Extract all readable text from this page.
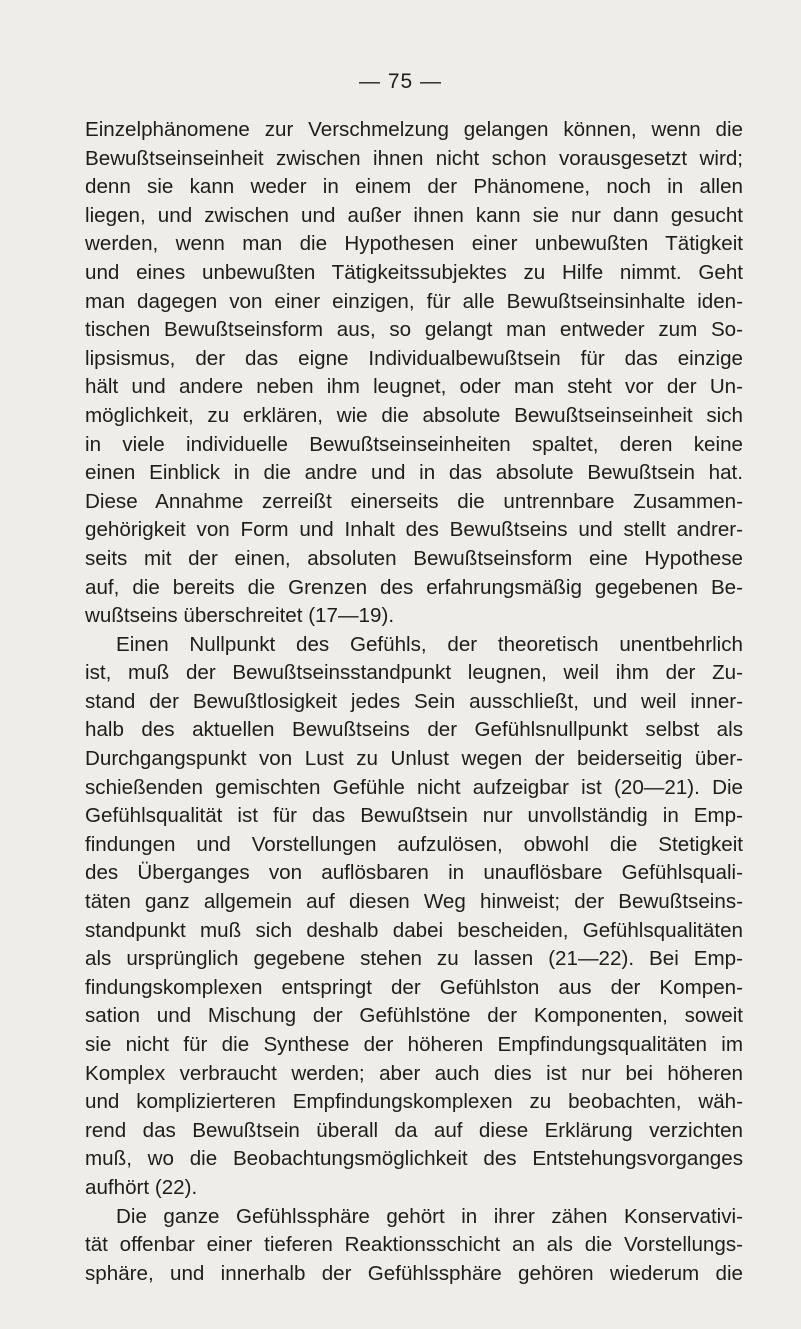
— 75 —
Einzelphänomene zur Verschmelzung gelangen können, wenn die
Bewußtseinseinheit zwischen ihnen nicht schon vorausgesetzt wird;
denn sie kann weder in einem der Phänomene, noch in allen
liegen, und zwischen und außer ihnen kann sie nur dann gesucht
werden, wenn man die Hypothesen einer unbewußten Tätigkeit
und eines unbewußten Tätigkeitssubjektes zu Hilfe nimmt. Geht
man dagegen von einer einzigen, für alle Bewußtseinsinhalte iden-
tischen Bewußtseinsform aus, so gelangt man entweder zum So-
lipsismus, der das eigne Individualbewußtsein für das einzige
hält und andere neben ihm leugnet, oder man steht vor der Un-
möglichkeit, zu erklären, wie die absolute Bewußtseinseinheit sich
in viele individuelle Bewußtseinseinheiten spaltet, deren keine
einen Einblick in die andre und in das absolute Bewußtsein hat.
Diese Annahme zerreißt einerseits die untrennbare Zusammen-
gehörigkeit von Form und Inhalt des Bewußtseins und stellt andrer-
seits mit der einen, absoluten Bewußtseinsform eine Hypothese
auf, die bereits die Grenzen des erfahrungsmäßig gegebenen Be-
wußtseins überschreitet (17—19).
Einen Nullpunkt des Gefühls, der theoretisch unentbehrlich
ist, muß der Bewußtseinsstandpunkt leugnen, weil ihm der Zu-
stand der Bewußtlosigkeit jedes Sein ausschließt, und weil inner-
halb des aktuellen Bewußtseins der Gefühlsnullpunkt selbst als
Durchgangspunkt von Lust zu Unlust wegen der beiderseitig über-
schießenden gemischten Gefühle nicht aufzeigbar ist (20—21). Die
Gefühlsqualität ist für das Bewußtsein nur unvollständig in Emp-
findungen und Vorstellungen aufzulösen, obwohl die Stetigkeit
des Überganges von auflösbaren in unauflösbare Gefühlsquali-
täten ganz allgemein auf diesen Weg hinweist; der Bewußtseins-
standpunkt muß sich deshalb dabei bescheiden, Gefühlsqualitäten
als ursprünglich gegebene stehen zu lassen (21—22). Bei Emp-
findungskomplexen entspringt der Gefühlston aus der Kompen-
sation und Mischung der Gefühlstöne der Komponenten, soweit
sie nicht für die Synthese der höheren Empfindungsqualitäten im
Komplex verbraucht werden; aber auch dies ist nur bei höheren
und komplizierteren Empfindungskomplexen zu beobachten, wäh-
rend das Bewußtsein überall da auf diese Erklärung verzichten
muß, wo die Beobachtungsmöglichkeit des Entstehungsvorganges
aufhört (22).
Die ganze Gefühlssphäre gehört in ihrer zähen Konservativi-
tät offenbar einer tieferen Reaktionsschicht an als die Vorstellungs-
sphäre, und innerhalb der Gefühlssphäre gehören wiederum die
